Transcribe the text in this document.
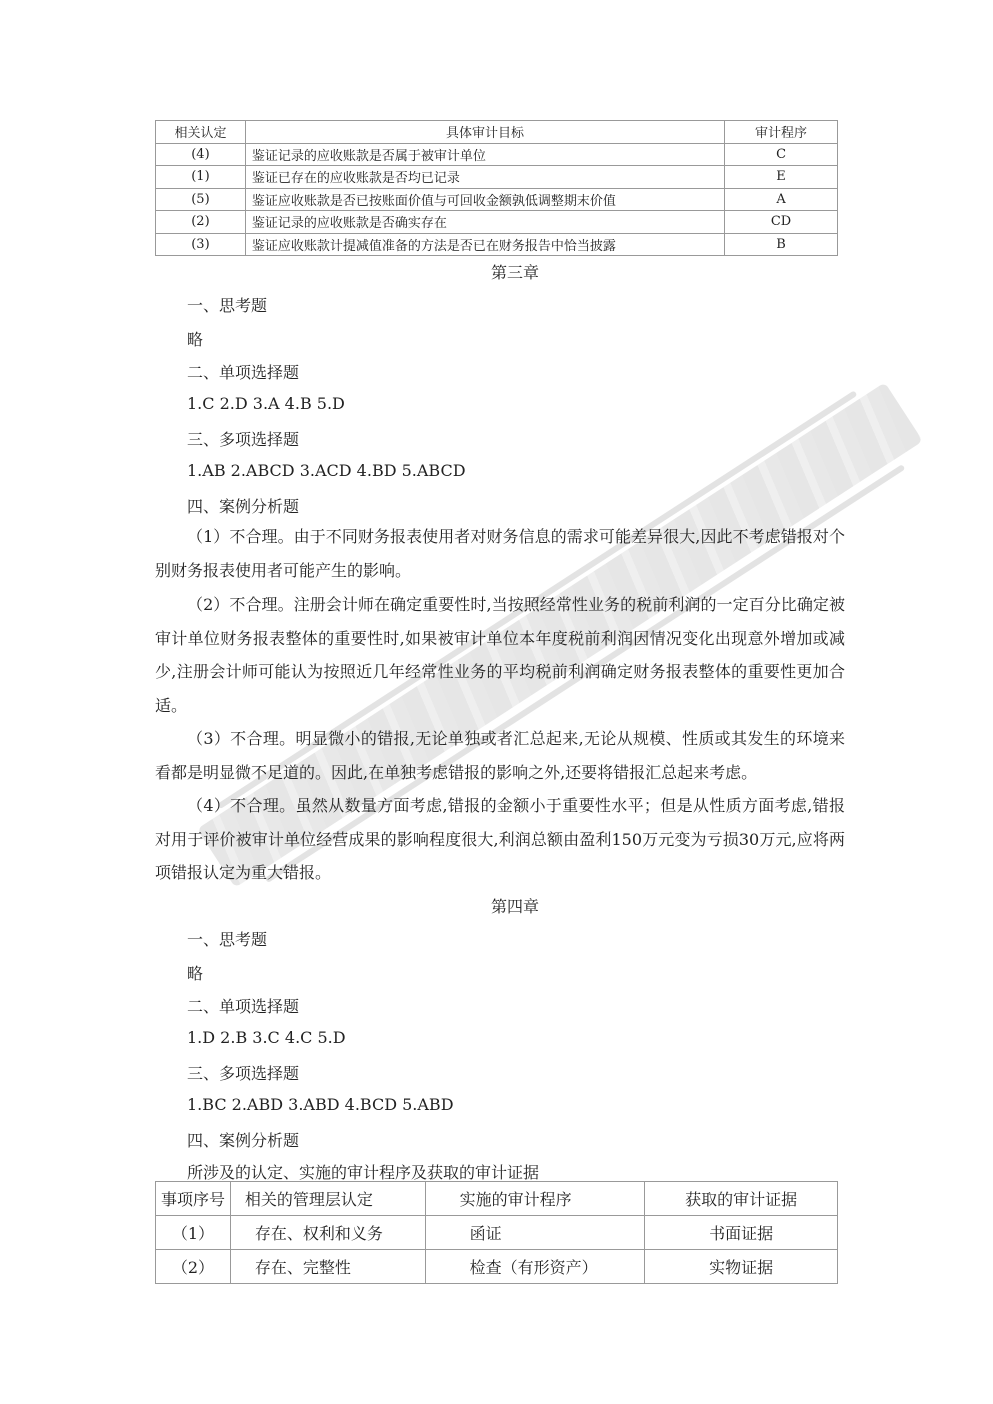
相关认定	具体审计目标	审计程序
(4)	鉴证记录的应收账款是否属于被审计单位	C
(1)	鉴证已存在的应收账款是否均已记录	E
(5)	鉴证应收账款是否已按账面价值与可回收金额孰低调整期末价值	A
(2)	鉴证记录的应收账款是否确实存在	CD
(3)	鉴证应收账款计提减值准备的方法是否已在财务报告中恰当披露	B
第三章
一、思考题
略
二、单项选择题
1.C 2.D 3.A 4.B 5.D
三、多项选择题
1.AB 2.ABCD 3.ACD 4.BD 5.ABCD
四、案例分析题
（1）不合理。由于不同财务报表使用者对财务信息的需求可能差异很大,因此不考虑错报对个别财务报表使用者可能产生的影响。
（2）不合理。注册会计师在确定重要性时,当按照经常性业务的税前利润的一定百分比确定被审计单位财务报表整体的重要性时,如果被审计单位本年度税前利润因情况变化出现意外增加或减少,注册会计师可能认为按照近几年经常性业务的平均税前利润确定财务报表整体的重要性更加合适。
（3）不合理。明显微小的错报,无论单独或者汇总起来,无论从规模、性质或其发生的环境来看都是明显微不足道的。因此,在单独考虑错报的影响之外,还要将错报汇总起来考虑。
（4）不合理。虽然从数量方面考虑,错报的金额小于重要性水平；但是从性质方面考虑,错报对用于评价被审计单位经营成果的影响程度很大,利润总额由盈利150万元变为亏损30万元,应将两项错报认定为重大错报。
第四章
一、思考题
略
二、单项选择题
1.D 2.B 3.C 4.C 5.D
三、多项选择题
1.BC 2.ABD 3.ABD 4.BCD 5.ABD
四、案例分析题
所涉及的认定、实施的审计程序及获取的审计证据
事项序号	相关的管理层认定	实施的审计程序	获取的审计证据
（1）	存在、权利和义务	函证	书面证据
（2）	存在、完整性	检查（有形资产）	实物证据
